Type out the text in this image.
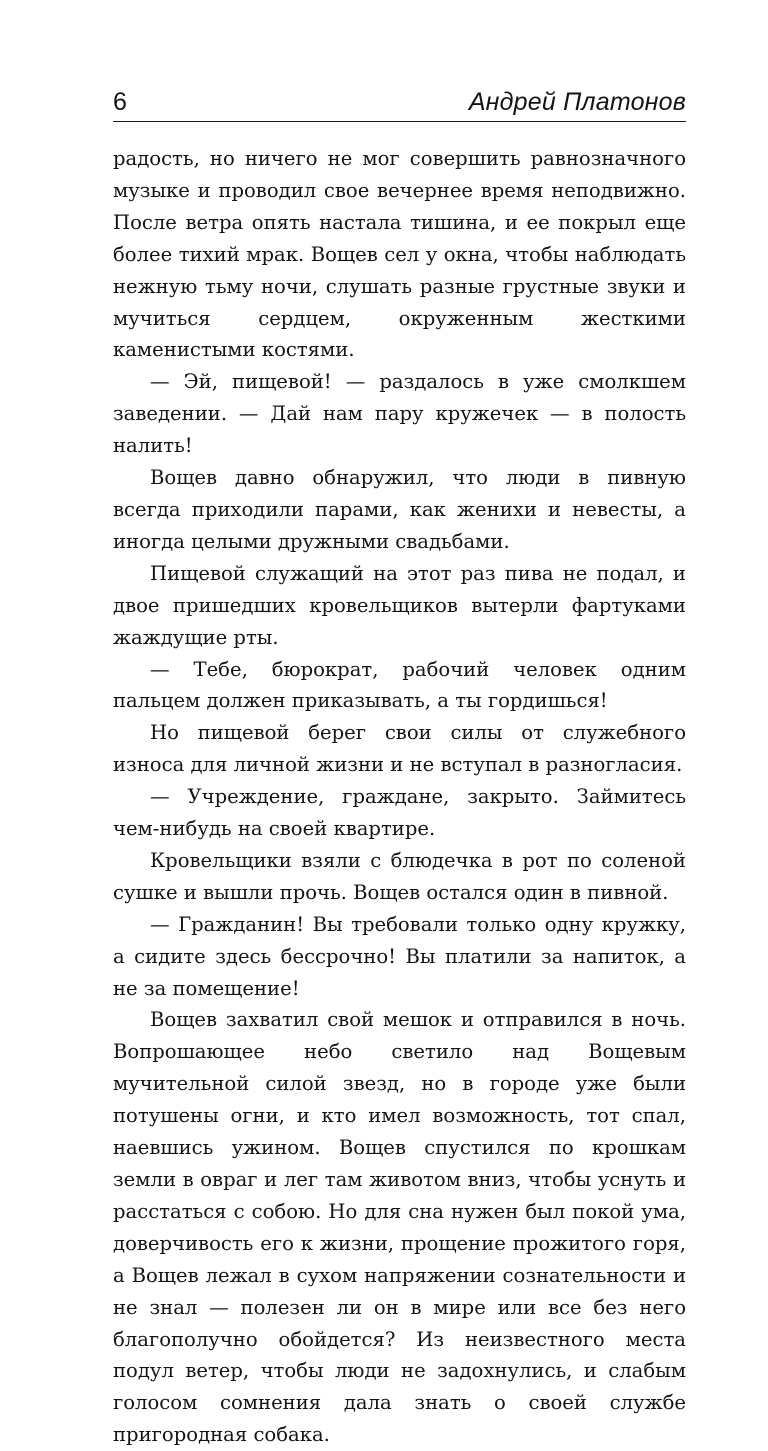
6	Андрей Платонов

радость, но ничего не мог совершить равнозначного музыке и проводил свое вечернее время неподвижно. После ветра опять настала тишина, и ее покрыл еще более тихий мрак. Вощев сел у окна, чтобы наблюдать нежную тьму ночи, слушать разные грустные звуки и мучиться сердцем, окруженным жесткими каменистыми костями.

— Эй, пищевой! — раздалось в уже смолкшем заведении. — Дай нам пару кружечек — в полость налить!

Вощев давно обнаружил, что люди в пивную всегда приходили парами, как женихи и невесты, а иногда целыми дружными свадьбами.

Пищевой служащий на этот раз пива не подал, и двое пришедших кровельщиков вытерли фартуками жаждущие рты.

— Тебе, бюрократ, рабочий человек одним пальцем должен приказывать, а ты гордишься!

Но пищевой берег свои силы от служебного износа для личной жизни и не вступал в разногласия.

— Учреждение, граждане, закрыто. Займитесь чем-нибудь на своей квартире.

Кровельщики взяли с блюдечка в рот по соленой сушке и вышли прочь. Вощев остался один в пивной.

— Гражданин! Вы требовали только одну кружку, а сидите здесь бессрочно! Вы платили за напиток, а не за помещение!

Вощев захватил свой мешок и отправился в ночь. Вопрошающее небо светило над Вощевым мучительной силой звезд, но в городе уже были потушены огни, и кто имел возможность, тот спал, наевшись ужином. Вощев спустился по крошкам земли в овраг и лег там животом вниз, чтобы уснуть и расстаться с собою. Но для сна нужен был покой ума, доверчивость его к жизни, прощение прожитого горя, а Вощев лежал в сухом напряжении сознательности и не знал — полезен ли он в мире или все без него благополучно обойдется? Из неизвестного места подул ветер, чтобы люди не задохнулись, и слабым голосом сомнения дала знать о своей службе пригородная собака.
